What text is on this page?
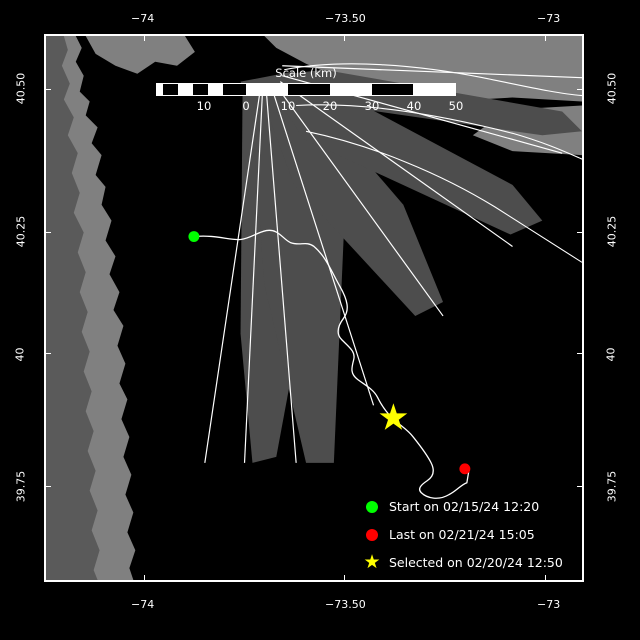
−74	−73.50	−73
−74	−73.50	−73
40.50
40.25
40
39.75
40.50
40.25
40
39.75
Scale (km)
10	0	10 20 30 40 50
Start on 02/15/24 12:20
Last on 02/21/24 15:05
★ Selected on 02/20/24 12:50
